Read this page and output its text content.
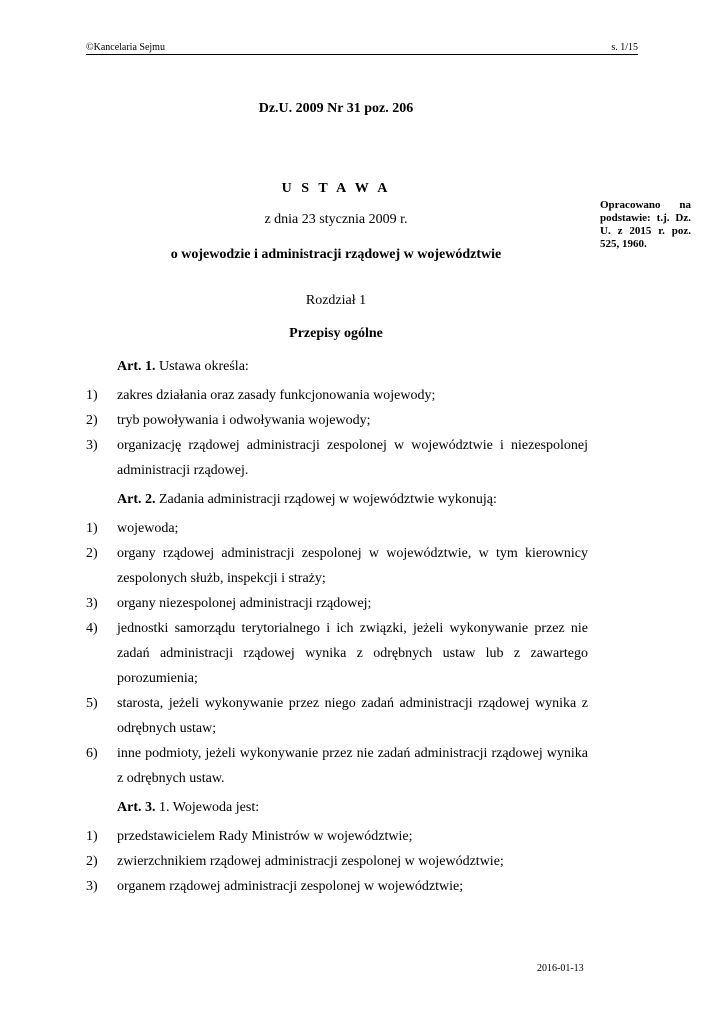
©Kancelaria Sejmu	s. 1/15
Dz.U. 2009 Nr 31 poz. 206
U S T A W A
z dnia 23 stycznia 2009 r.
o wojewodzie i administracji rządowej w województwie
Opracowano na podstawie: t.j. Dz. U. z 2015 r. poz. 525, 1960.
Rozdział 1
Przepisy ogólne

Art. 1. Ustawa określa:

1)	zakres działania oraz zasady funkcjonowania wojewody;
2)	tryb powoływania i odwoływania wojewody;
3)	organizację rządowej administracji zespolonej w województwie i niezespolonej administracji rządowej.

Art. 2. Zadania administracji rządowej w województwie wykonują:

1)	wojewoda;
2)	organy rządowej administracji zespolonej w województwie, w tym kierownicy zespolonych służb, inspekcji i straży;
3)	organy niezespolonej administracji rządowej;
4)	jednostki samorządu terytorialnego i ich związki, jeżeli wykonywanie przez nie zadań administracji rządowej wynika z odrębnych ustaw lub z zawartego porozumienia;
5)	starosta, jeżeli wykonywanie przez niego zadań administracji rządowej wynika z odrębnych ustaw;
6)	inne podmioty, jeżeli wykonywanie przez nie zadań administracji rządowej wynika z odrębnych ustaw.

Art. 3. 1. Wojewoda jest:

1)	przedstawicielem Rady Ministrów w województwie;
2)	zwierzchnikiem rządowej administracji zespolonej w województwie;
3)	organem rządowej administracji zespolonej w województwie;
2016-01-13
